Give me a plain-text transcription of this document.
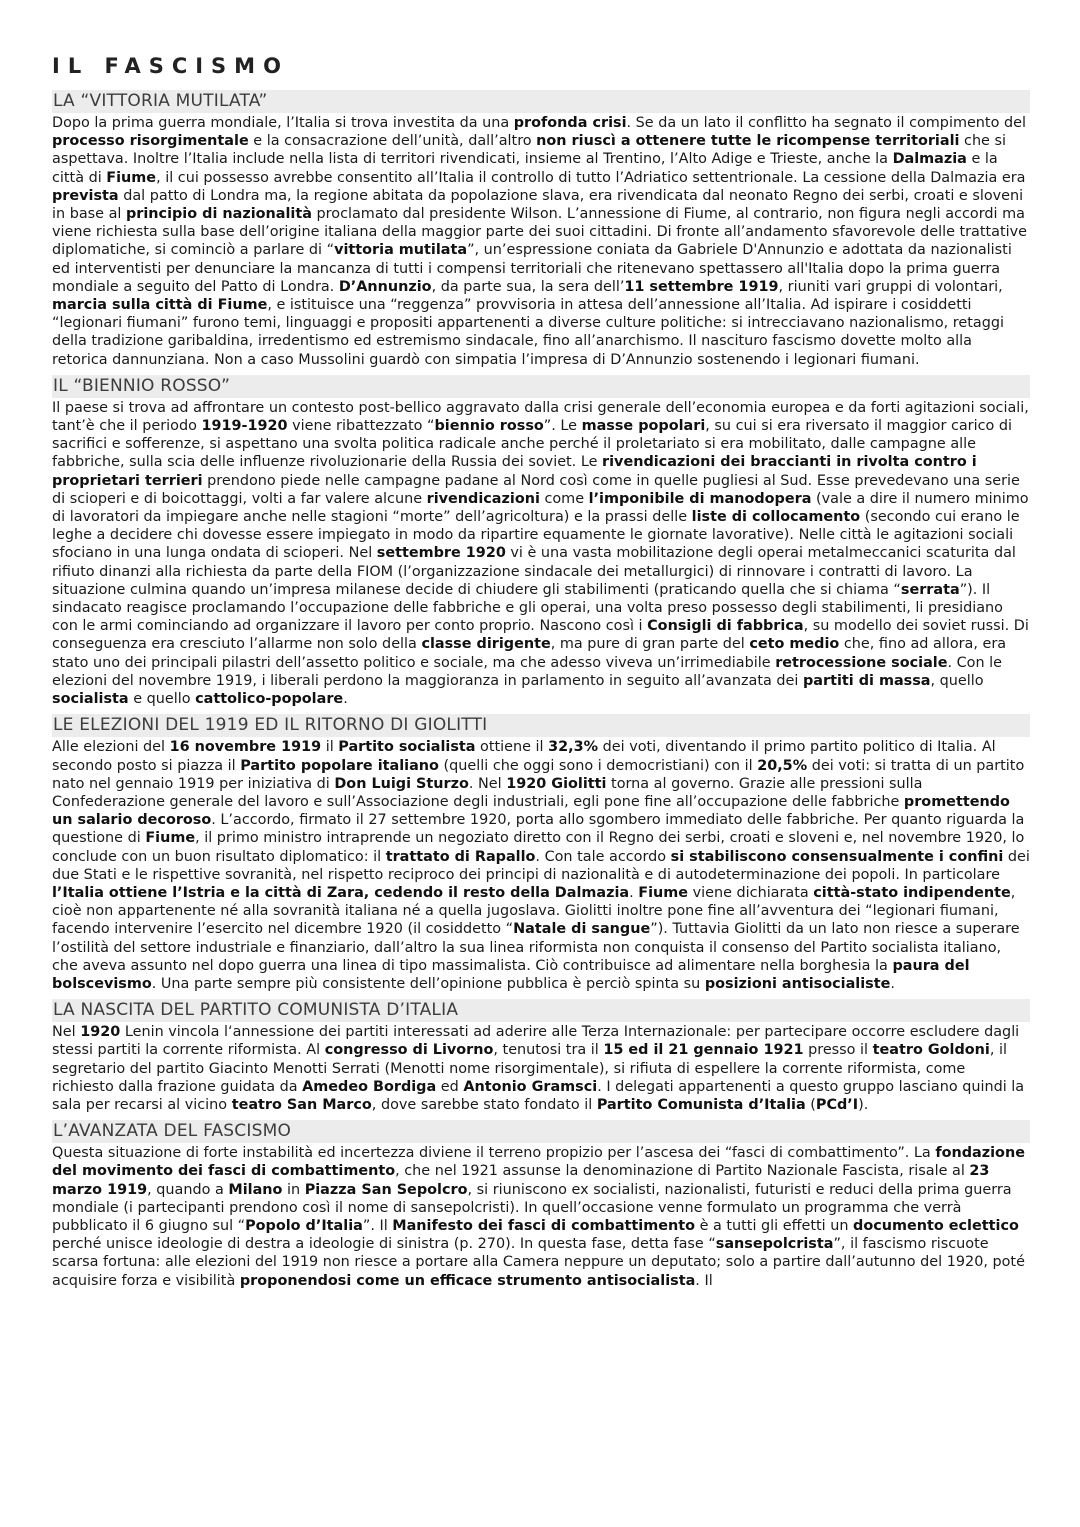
IL FASCISMO
LA “VITTORIA MUTILATA”

Dopo la prima guerra mondiale, l’Italia si trova investita da una profonda crisi. Se da un lato il conflitto ha segnato il compimento del processo risorgimentale e la consacrazione dell’unità, dall’altro non riuscì a ottenere tutte le ricompense territoriali che si aspettava. Inoltre l’Italia include nella lista di territori rivendicati, insieme al Trentino, l’Alto Adige e Trieste, anche la Dalmazia e la città di Fiume, il cui possesso avrebbe consentito all’Italia il controllo di tutto l’Adriatico settentrionale. La cessione della Dalmazia era prevista dal patto di Londra ma, la regione abitata da popolazione slava, era rivendicata dal neonato Regno dei serbi, croati e sloveni in base al principio di nazionalità proclamato dal presidente Wilson. L’annessione di Fiume, al contrario, non figura negli accordi ma viene richiesta sulla base dell’origine italiana della maggior parte dei suoi cittadini. Di fronte all’andamento sfavorevole delle trattative diplomatiche, si cominciò a parlare di “vittoria mutilata”, un’espressione coniata da Gabriele D'Annunzio e adottata da nazionalisti ed interventisti per denunciare la mancanza di tutti i compensi territoriali che ritenevano spettassero all'Italia dopo la prima guerra mondiale a seguito del Patto di Londra. D’Annunzio, da parte sua, la sera dell’11 settembre 1919, riuniti vari gruppi di volontari, marcia sulla città di Fiume, e istituisce una “reggenza” provvisoria in attesa dell’annessione all’Italia. Ad ispirare i cosiddetti “legionari fiumani” furono temi, linguaggi e propositi appartenenti a diverse culture politiche: si intrecciavano nazionalismo, retaggi della tradizione garibaldina, irredentismo ed estremismo sindacale, fino all’anarchismo. Il nascituro fascismo dovette molto alla retorica dannunziana. Non a caso Mussolini guardò con simpatia l’impresa di D’Annunzio sostenendo i legionari fiumani.

IL “BIENNIO ROSSO”

Il paese si trova ad affrontare un contesto post-bellico aggravato dalla crisi generale dell’economia europea e da forti agitazioni sociali, tant’è che il periodo 1919-1920 viene ribattezzato “biennio rosso”. Le masse popolari, su cui si era riversato il maggior carico di sacrifici e sofferenze, si aspettano una svolta politica radicale anche perché il proletariato si era mobilitato, dalle campagne alle fabbriche, sulla scia delle influenze rivoluzionarie della Russia dei soviet. Le rivendicazioni dei braccianti in rivolta contro i proprietari terrieri prendono piede nelle campagne padane al Nord così come in quelle pugliesi al Sud. Esse prevedevano una serie di scioperi e di boicottaggi, volti a far valere alcune rivendicazioni come l’imponibile di manodopera (vale a dire il numero minimo di lavoratori da impiegare anche nelle stagioni “morte” dell’agricoltura) e la prassi delle liste di collocamento (secondo cui erano le leghe a decidere chi dovesse essere impiegato in modo da ripartire equamente le giornate lavorative). Nelle città le agitazioni sociali sfociano in una lunga ondata di scioperi. Nel settembre 1920 vi è una vasta mobilitazione degli operai metalmeccanici scaturita dal rifiuto dinanzi alla richiesta da parte della FIOM (l’organizzazione sindacale dei metallurgici) di rinnovare i contratti di lavoro. La situazione culmina quando un’impresa milanese decide di chiudere gli stabilimenti (praticando quella che si chiama “serrata”). Il sindacato reagisce proclamando l’occupazione delle fabbriche e gli operai, una volta preso possesso degli stabilimenti, li presidiano con le armi cominciando ad organizzare il lavoro per conto proprio. Nascono così i Consigli di fabbrica, su modello dei soviet russi. Di conseguenza era cresciuto l’allarme non solo della classe dirigente, ma pure di gran parte del ceto medio che, fino ad allora, era stato uno dei principali pilastri dell’assetto politico e sociale, ma che adesso viveva un’irrimediabile retrocessione sociale. Con le elezioni del novembre 1919, i liberali perdono la maggioranza in parlamento in seguito all’avanzata dei partiti di massa, quello socialista e quello cattolico-popolare.

LE ELEZIONI DEL 1919 ED IL RITORNO DI GIOLITTI

Alle elezioni del 16 novembre 1919 il Partito socialista ottiene il 32,3% dei voti, diventando il primo partito politico di Italia. Al secondo posto si piazza il Partito popolare italiano (quelli che oggi sono i democristiani) con il 20,5% dei voti: si tratta di un partito nato nel gennaio 1919 per iniziativa di Don Luigi Sturzo. Nel 1920 Giolitti torna al governo. Grazie alle pressioni sulla Confederazione generale del lavoro e sull’Associazione degli industriali, egli pone fine all’occupazione delle fabbriche promettendo un salario decoroso. L’accordo, firmato il 27 settembre 1920, porta allo sgombero immediato delle fabbriche. Per quanto riguarda la questione di Fiume, il primo ministro intraprende un negoziato diretto con il Regno dei serbi, croati e sloveni e, nel novembre 1920, lo conclude con un buon risultato diplomatico: il trattato di Rapallo. Con tale accordo si stabiliscono consensualmente i confini dei due Stati e le rispettive sovranità, nel rispetto reciproco dei principi di nazionalità e di autodeterminazione dei popoli. In particolare l’Italia ottiene l’Istria e la città di Zara, cedendo il resto della Dalmazia. Fiume viene dichiarata città-stato indipendente, cioè non appartenente né alla sovranità italiana né a quella jugoslava. Giolitti inoltre pone fine all’avventura dei “legionari fiumani, facendo intervenire l’esercito nel dicembre 1920 (il cosiddetto “Natale di sangue”). Tuttavia Giolitti da un lato non riesce a superare l’ostilità del settore industriale e finanziario, dall’altro la sua linea riformista non conquista il consenso del Partito socialista italiano, che aveva assunto nel dopo guerra una linea di tipo massimalista. Ciò contribuisce ad alimentare nella borghesia la paura del bolscevismo. Una parte sempre più consistente dell’opinione pubblica è perciò spinta su posizioni antisocialiste.

LA NASCITA DEL PARTITO COMUNISTA D’ITALIA

Nel 1920 Lenin vincola l‘annessione dei partiti interessati ad aderire alle Terza Internazionale: per partecipare occorre escludere dagli stessi partiti la corrente riformista. Al congresso di Livorno, tenutosi tra il 15 ed il 21 gennaio 1921 presso il teatro Goldoni, il segretario del partito Giacinto Menotti Serrati (Menotti nome risorgimentale), si rifiuta di espellere la corrente riformista, come richiesto dalla frazione guidata da Amedeo Bordiga ed Antonio Gramsci. I delegati appartenenti a questo gruppo lasciano quindi la sala per recarsi al vicino teatro San Marco, dove sarebbe stato fondato il Partito Comunista d’Italia (PCd’I).

L’AVANZATA DEL FASCISMO

Questa situazione di forte instabilità ed incertezza diviene il terreno propizio per l’ascesa dei “fasci di combattimento”. La fondazione del movimento dei fasci di combattimento, che nel 1921 assunse la denominazione di Partito Nazionale Fascista, risale al 23 marzo 1919, quando a Milano in Piazza San Sepolcro, si riuniscono ex socialisti, nazionalisti, futuristi e reduci della prima guerra mondiale (i partecipanti prendono così il nome di sansepolcristi). In quell’occasione venne formulato un programma che verrà pubblicato il 6 giugno sul “Popolo d’Italia”. Il Manifesto dei fasci di combattimento è a tutti gli effetti un documento eclettico perché unisce ideologie di destra a ideologie di sinistra (p. 270). In questa fase, detta fase “sansepolcrista”, il fascismo riscuote scarsa fortuna: alle elezioni del 1919 non riesce a portare alla Camera neppure un deputato; solo a partire dall’autunno del 1920, poté acquisire forza e visibilità proponendosi come un efficace strumento antisocialista. Il
